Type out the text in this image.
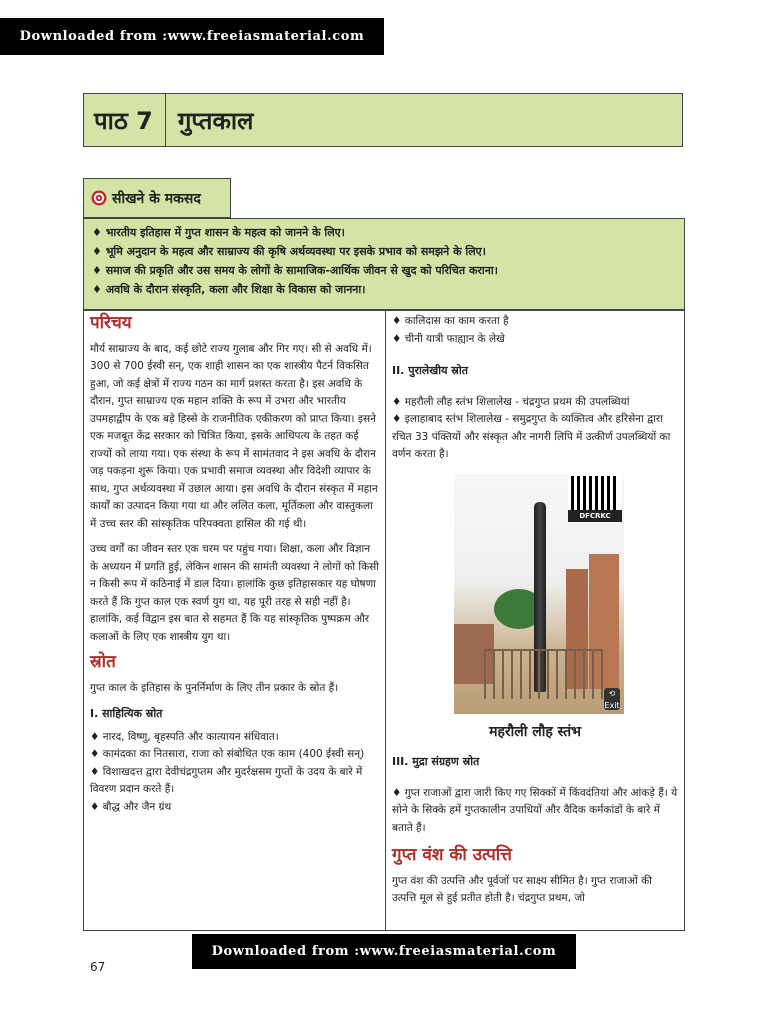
Downloaded from :www.freeiasmaterial.com
पाठ 7	गुप्तकाल
सीखने के मकसद
♦ भारतीय इतिहास में गुप्त शासन के महत्व को जानने के लिए।
♦ भूमि अनुदान के महत्व और साम्राज्य की कृषि अर्थव्यवस्था पर इसके प्रभाव को समझने के लिए।
♦ समाज की प्रकृति और उस समय के लोगों के सामाजिक-आर्थिक जीवन से खुद को परिचित कराना।
♦ अवधि के दौरान संस्कृति, कला और शिक्षा के विकास को जानना।
परिचय

मौर्य साम्राज्य के बाद, कई छोटे राज्य गुलाब और गिर गए। सी से अवधि में। 300 से 700 ईस्वी सन्, एक शाही शासन का एक शास्त्रीय पैटर्न विकसित हुआ, जो कई क्षेत्रों में राज्य गठन का मार्ग प्रशस्त करता है। इस अवधि के दौरान, गुप्त साम्राज्य एक महान शक्ति के रूप में उभरा और भारतीय उपमहाद्वीप के एक बड़े हिस्से के राजनीतिक एकीकरण को प्राप्त किया। इसने एक मजबूत केंद्र सरकार को चित्रित किया, इसके आधिपत्य के तहत कई राज्यों को लाया गया। एक संस्था के रूप में सामंतवाद ने इस अवधि के दौरान जड़ पकड़ना शुरू किया। एक प्रभावी समाज व्यवस्था और विदेशी व्यापार के साथ, गुप्त अर्थव्यवस्था में उछाल आया। इस अवधि के दौरान संस्कृत में महान कार्यों का उत्पादन किया गया था और ललित कला, मूर्तिकला और वास्तुकला में उच्च स्तर की सांस्कृतिक परिपक्वता हासिल की गई थी।

उच्च वर्गों का जीवन स्तर एक चरम पर पहुंच गया। शिक्षा, कला और विज्ञान के अध्ययन में प्रगति हुई, लेकिन शासन की सामंती व्यवस्था ने लोगों को किसी न किसी रूप में कठिनाई में डाल दिया। हालांकि कुछ इतिहासकार यह घोषणा करते हैं कि गुप्त काल एक स्वर्ण युग था, यह पूरी तरह से सही नहीं है। हालांकि, कई विद्वान इस बात से सहमत हैं कि यह सांस्कृतिक पुष्पक्रम और कलाओं के लिए एक शास्त्रीय युग था।

स्रोत

गुप्त काल के इतिहास के पुनर्निर्माण के लिए तीन प्रकार के स्रोत हैं।

I. साहित्यिक स्रोत
♦ नारद, विष्णु, बृहस्पति और कात्यायन संधिवात।
♦ कामंदका का नितसारा, राजा को संबोधित एक काम (400 ईस्वी सन्)
♦ विशाखदत्त द्वारा देवीचंद्रगुप्तम और मुदर्रक्षसम गुप्तों के उदय के बारे में विवरण प्रदान करते हैं।
♦ बौद्ध और जैन ग्रंथ
♦ कालिदास का काम करता है
♦ चीनी यात्री फाह्यान के लेखे
II. पुरालेखीय स्रोत
♦ महरौली लौह स्तंभ शिलालेख - चंद्रगुप्त प्रथम की उपलब्धियां
♦ इलाहाबाद स्तंभ शिलालेख - समुद्रगुप्त के व्यक्तित्व और हरिसेना द्वारा रचित 33 पंक्तियों और संस्कृत और नागरी लिपि में उत्कीर्ण उपलब्धियों का वर्णन करता है।
DFCRKC
⟲
Exit
महरौली लौह स्तंभ
III. मुद्रा संग्रहण स्रोत
♦ गुप्त राजाओं द्वारा जारी किए गए सिक्कों में किंवदंतियां और आंकड़े हैं। ये सोने के सिक्के हमें गुप्तकालीन उपाधियों और वैदिक कर्मकांडों के बारे में बताते हैं।
गुप्त वंश की उत्पत्ति

गुप्त वंश की उत्पत्ति और पूर्वजों पर साक्ष्य सीमित है। गुप्त राजाओं की उत्पत्ति मूल से हुई प्रतीत होती है। चंद्रगुप्त प्रथम, जो

Downloaded from :www.freeiasmaterial.com
67
